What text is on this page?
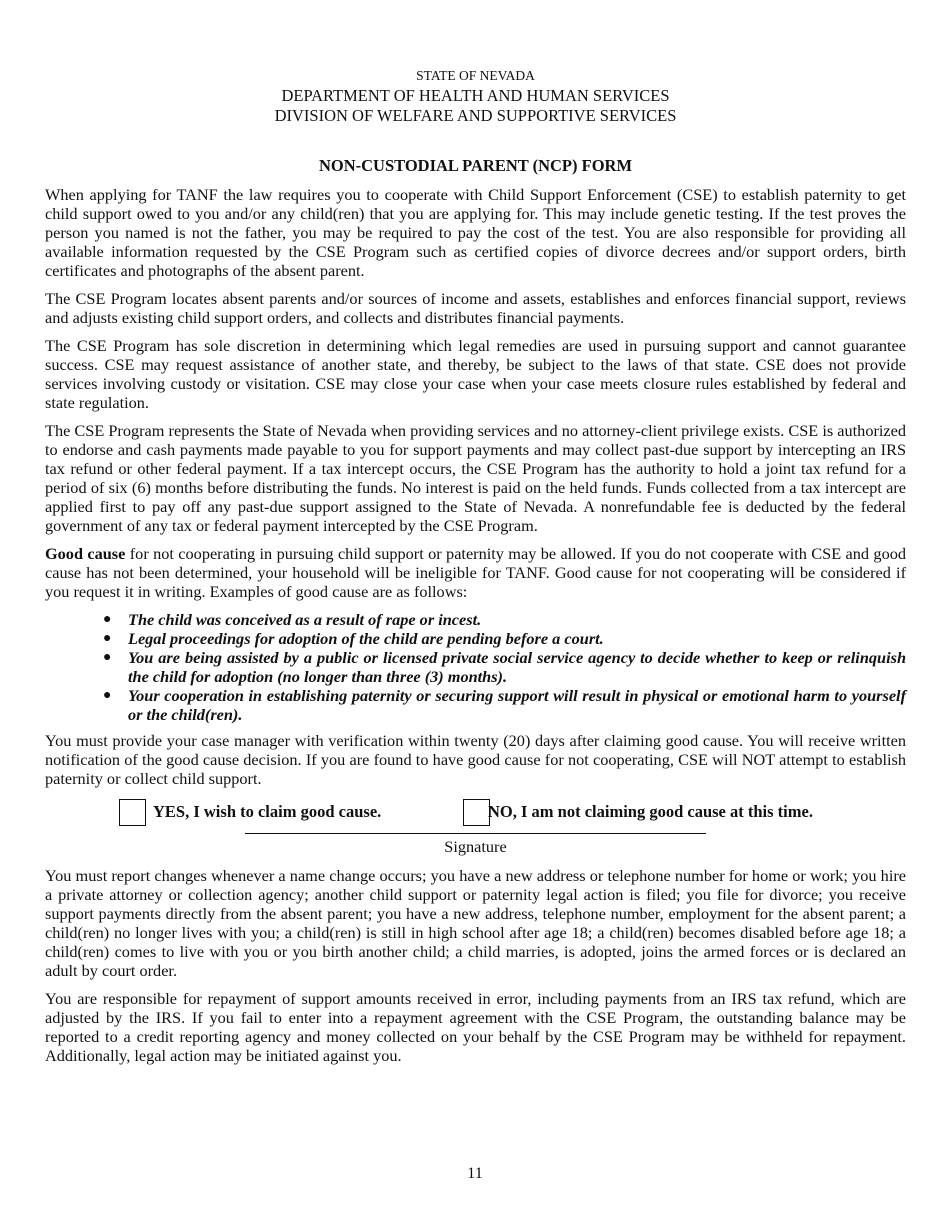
STATE OF NEVADA
DEPARTMENT OF HEALTH AND HUMAN SERVICES
DIVISION OF WELFARE AND SUPPORTIVE SERVICES
NON-CUSTODIAL PARENT (NCP) FORM

When applying for TANF the law requires you to cooperate with Child Support Enforcement (CSE) to establish paternity to get child support owed to you and/or any child(ren) that you are applying for. This may include genetic testing. If the test proves the person you named is not the father, you may be required to pay the cost of the test. You are also responsible for providing all available information requested by the CSE Program such as certified copies of divorce decrees and/or support orders, birth certificates and photographs of the absent parent.

The CSE Program locates absent parents and/or sources of income and assets, establishes and enforces financial support, reviews and adjusts existing child support orders, and collects and distributes financial payments.

The CSE Program has sole discretion in determining which legal remedies are used in pursuing support and cannot guarantee success. CSE may request assistance of another state, and thereby, be subject to the laws of that state. CSE does not provide services involving custody or visitation. CSE may close your case when your case meets closure rules established by federal and state regulation.

The CSE Program represents the State of Nevada when providing services and no attorney-client privilege exists. CSE is authorized to endorse and cash payments made payable to you for support payments and may collect past-due support by intercepting an IRS tax refund or other federal payment. If a tax intercept occurs, the CSE Program has the authority to hold a joint tax refund for a period of six (6) months before distributing the funds. No interest is paid on the held funds. Funds collected from a tax intercept are applied first to pay off any past-due support assigned to the State of Nevada. A nonrefundable fee is deducted by the federal government of any tax or federal payment intercepted by the CSE Program.

Good cause for not cooperating in pursuing child support or paternity may be allowed. If you do not cooperate with CSE and good cause has not been determined, your household will be ineligible for TANF. Good cause for not cooperating will be considered if you request it in writing. Examples of good cause are as follows:

● The child was conceived as a result of rape or incest.
● Legal proceedings for adoption of the child are pending before a court.
● You are being assisted by a public or licensed private social service agency to decide whether to keep or relinquish the child for adoption (no longer than three (3) months).
● Your cooperation in establishing paternity or securing support will result in physical or emotional harm to yourself or the child(ren).

You must provide your case manager with verification within twenty (20) days after claiming good cause. You will receive written notification of the good cause decision. If you are found to have good cause for not cooperating, CSE will NOT attempt to establish paternity or collect child support.

YES, I wish to claim good cause.	NO, I am not claiming good cause at this time.
Signature

You must report changes whenever a name change occurs; you have a new address or telephone number for home or work; you hire a private attorney or collection agency; another child support or paternity legal action is filed; you file for divorce; you receive support payments directly from the absent parent; you have a new address, telephone number, employment for the absent parent; a child(ren) no longer lives with you; a child(ren) is still in high school after age 18; a child(ren) becomes disabled before age 18; a child(ren) comes to live with you or you birth another child; a child marries, is adopted, joins the armed forces or is declared an adult by court order.

You are responsible for repayment of support amounts received in error, including payments from an IRS tax refund, which are adjusted by the IRS. If you fail to enter into a repayment agreement with the CSE Program, the outstanding balance may be reported to a credit reporting agency and money collected on your behalf by the CSE Program may be withheld for repayment. Additionally, legal action may be initiated against you.

11
